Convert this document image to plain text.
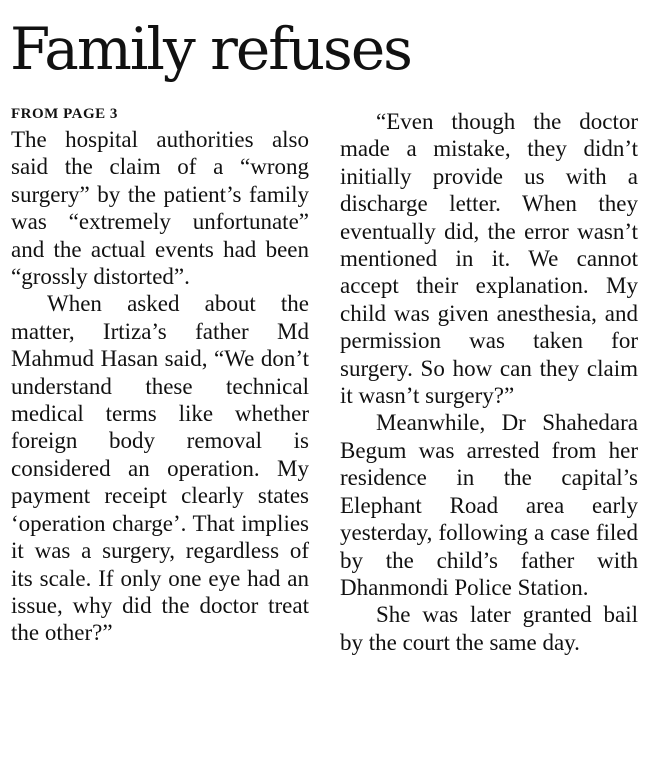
Family refuses
FROM PAGE 3

The hospital authorities also said the claim of a “wrong surgery” by the patient’s family was “extremely unfortunate” and the actual events had been “grossly distorted”.

When asked about the matter, Irtiza’s father Md Mahmud Hasan said, “We don’t understand these technical medical terms like whether foreign body removal is considered an operation. My payment receipt clearly states ‘operation charge’. That implies it was a surgery, regardless of its scale. If only one eye had an issue, why did the doctor treat the other?”

“Even though the doctor made a mistake, they didn’t initially provide us with a discharge letter. When they eventually did, the error wasn’t mentioned in it. We cannot accept their explanation. My child was given anesthesia, and permission was taken for surgery. So how can they claim it wasn’t surgery?”

Meanwhile, Dr Shahedara Begum was arrested from her residence in the capital’s Elephant Road area early yesterday, following a case filed by the child’s father with Dhanmondi Police Station.

She was later granted bail by the court the same day.
